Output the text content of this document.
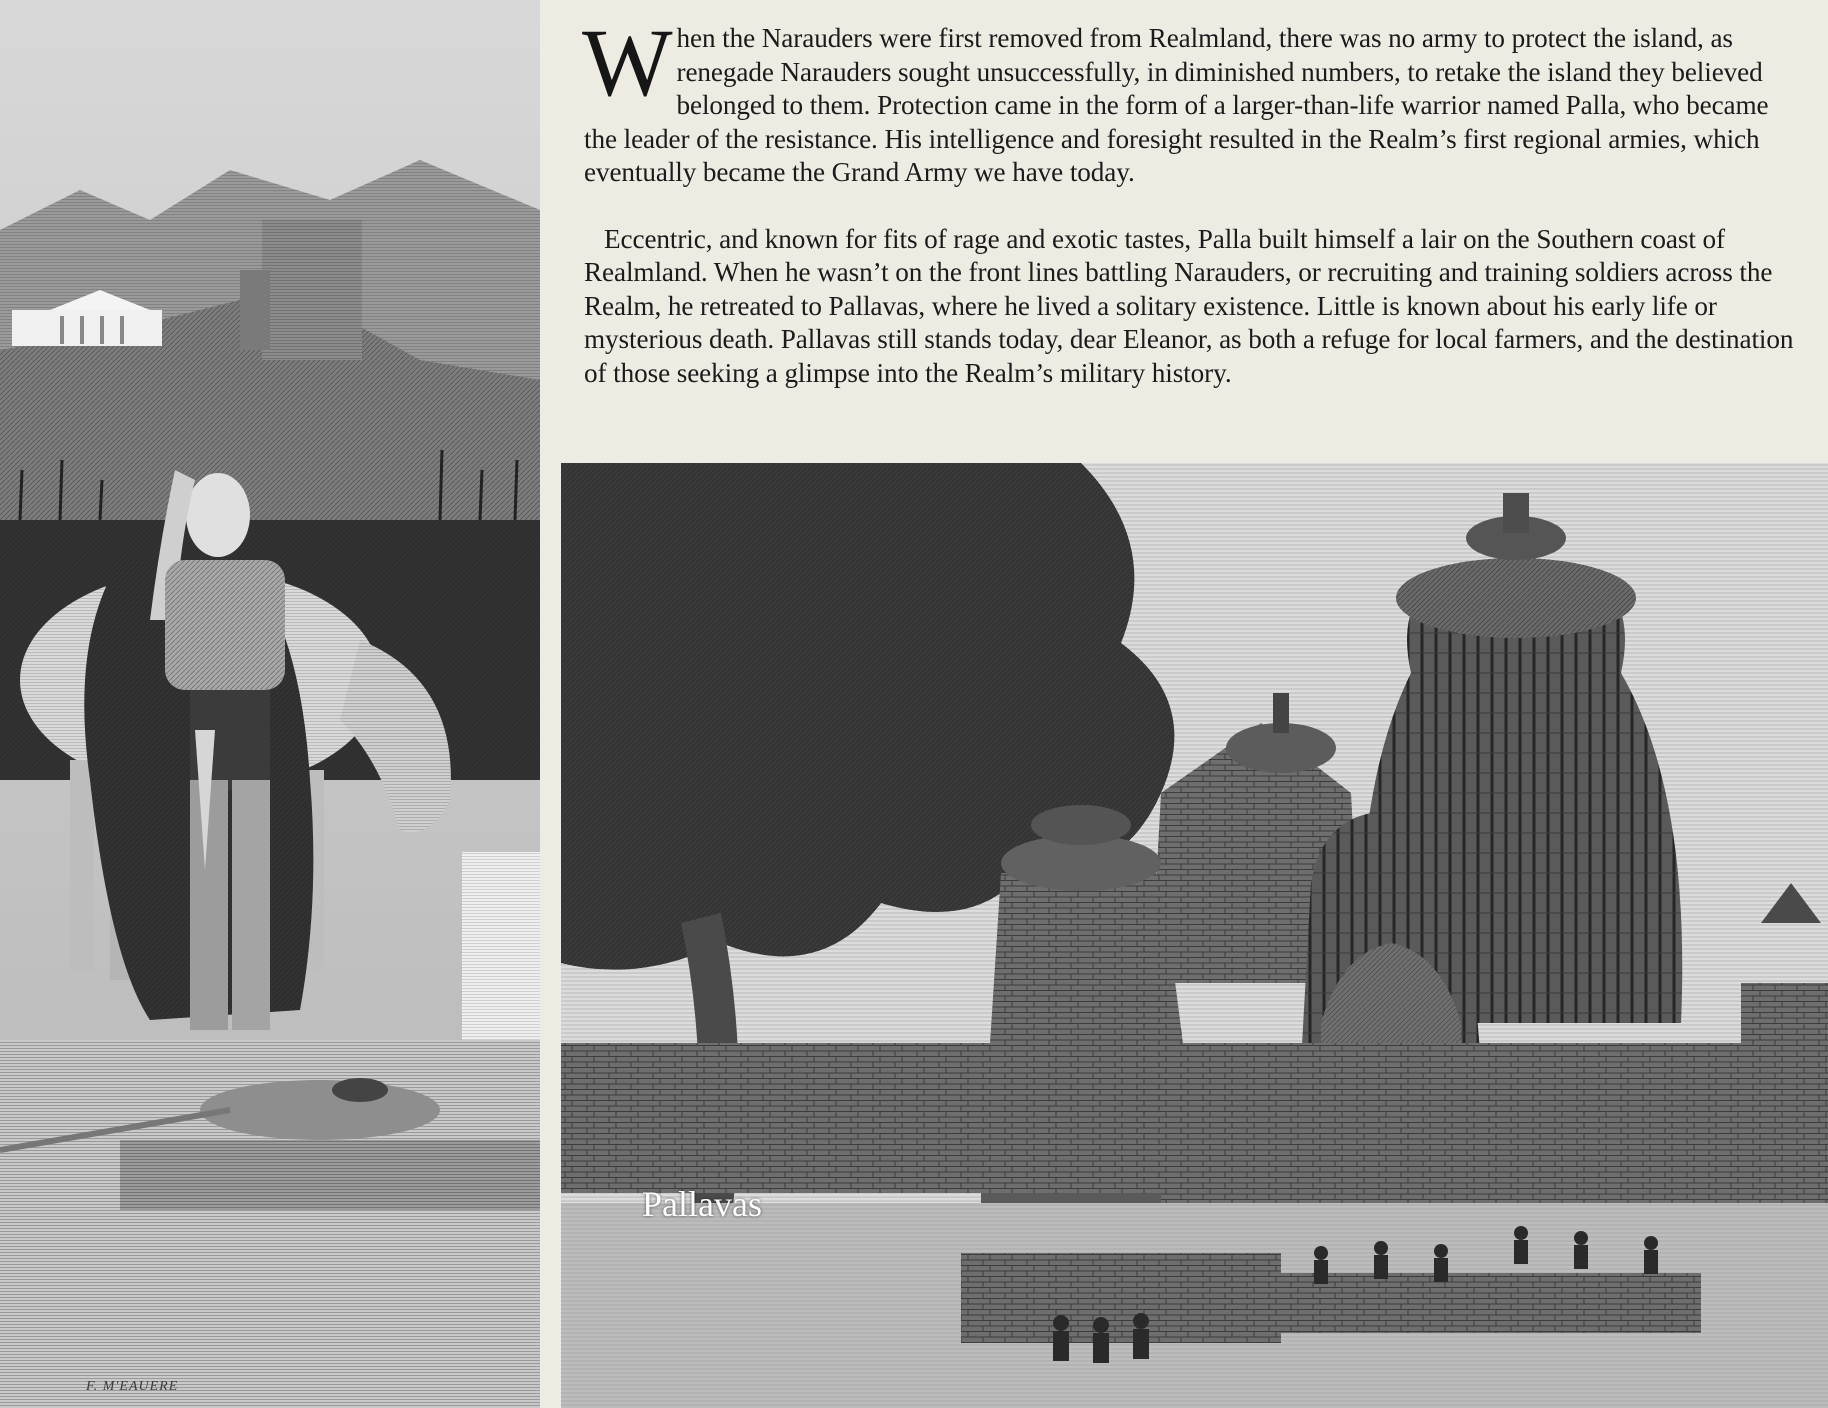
F. M'EAUERE

When the Narauders were first removed from Realmland, there was no army to protect the island, as renegade Narauders sought unsuccessfully, in diminished numbers, to retake the island they believed belonged to them. Protection came in the form of a larger-than-life warrior named Palla, who became the leader of the resistance. His intelligence and foresight resulted in the Realm’s first regional armies, which eventually became the Grand Army we have today.

Eccentric, and known for fits of rage and exotic tastes, Palla built himself a lair on the Southern coast of Realmland. When he wasn’t on the front lines battling Narauders, or recruiting and training soldiers across the Realm, he retreated to Pallavas, where he lived a solitary existence. Little is known about his early life or mysterious death. Pallavas still stands today, dear Eleanor, as both a refuge for local farmers, and the destination of those seeking a glimpse into the Realm’s military history.

Pallavas
